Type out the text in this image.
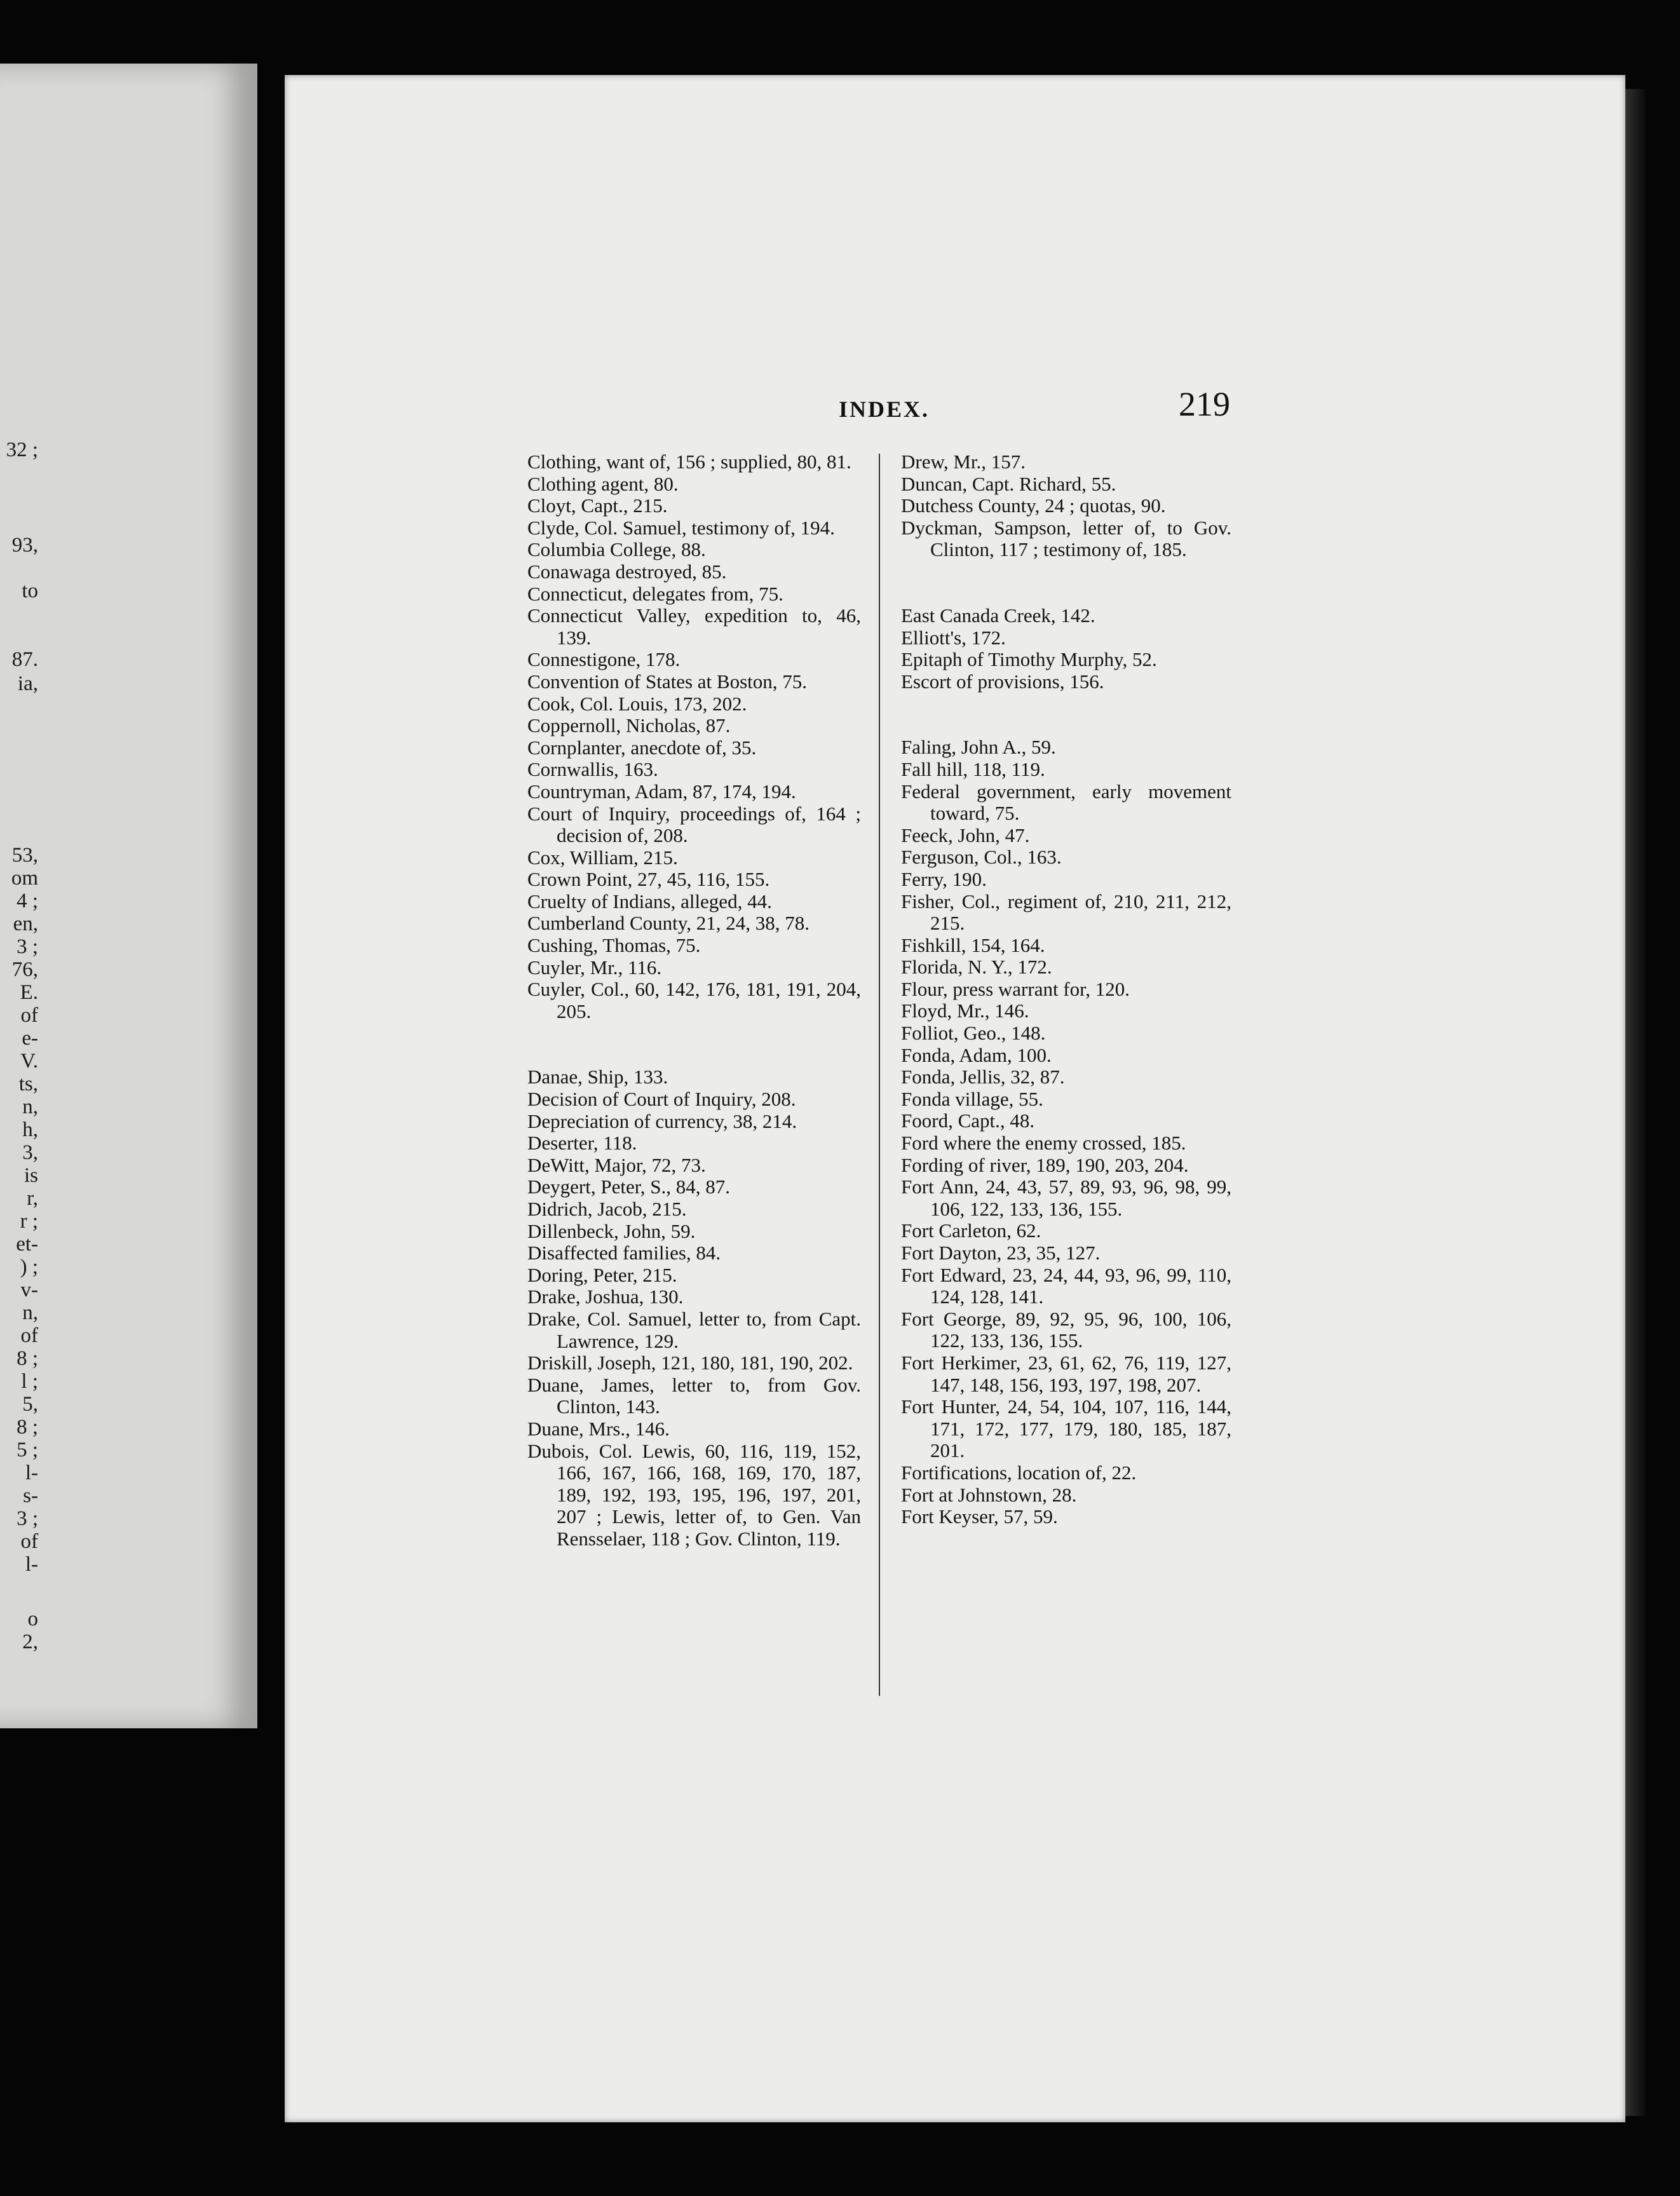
32 ;
93,
to
87.
ia,
53,
om
4 ;
en,
3 ;
76,
E.
of
e-
V.
ts,
n,
h,
3,
is
r,
r ;
et-
) ;
v-
n,
of
8 ;
l ;
5,
8 ;
5 ;
l-
s-
3 ;
of
l-
o
2,
INDEX.	219
Clothing, want of, 156 ; supplied, 80, 81.
Clothing agent, 80.
Cloyt, Capt., 215.
Clyde, Col. Samuel, testimony of, 194.
Columbia College, 88.
Conawaga destroyed, 85.
Connecticut, delegates from, 75.
Connecticut Valley, expedition to, 46, 139.
Connestigone, 178.
Convention of States at Boston, 75.
Cook, Col. Louis, 173, 202.
Coppernoll, Nicholas, 87.
Cornplanter, anecdote of, 35.
Cornwallis, 163.
Countryman, Adam, 87, 174, 194.
Court of Inquiry, proceedings of, 164 ; decision of, 208.
Cox, William, 215.
Crown Point, 27, 45, 116, 155.
Cruelty of Indians, alleged, 44.
Cumberland County, 21, 24, 38, 78.
Cushing, Thomas, 75.
Cuyler, Mr., 116.
Cuyler, Col., 60, 142, 176, 181, 191, 204, 205.
Danae, Ship, 133.
Decision of Court of Inquiry, 208.
Depreciation of currency, 38, 214.
Deserter, 118.
DeWitt, Major, 72, 73.
Deygert, Peter, S., 84, 87.
Didrich, Jacob, 215.
Dillenbeck, John, 59.
Disaffected families, 84.
Doring, Peter, 215.
Drake, Joshua, 130.
Drake, Col. Samuel, letter to, from Capt. Lawrence, 129.
Driskill, Joseph, 121, 180, 181, 190, 202.
Duane, James, letter to, from Gov. Clinton, 143.
Duane, Mrs., 146.
Dubois, Col. Lewis, 60, 116, 119, 152, 166, 167, 166, 168, 169, 170, 187, 189, 192, 193, 195, 196, 197, 201, 207 ; Lewis, letter of, to Gen. Van Rensselaer, 118 ; Gov. Clinton, 119.
Drew, Mr., 157.
Duncan, Capt. Richard, 55.
Dutchess County, 24 ; quotas, 90.
Dyckman, Sampson, letter of, to Gov. Clinton, 117 ; testimony of, 185.
East Canada Creek, 142.
Elliott's, 172.
Epitaph of Timothy Murphy, 52.
Escort of provisions, 156.
Faling, John A., 59.
Fall hill, 118, 119.
Federal government, early movement toward, 75.
Feeck, John, 47.
Ferguson, Col., 163.
Ferry, 190.
Fisher, Col., regiment of, 210, 211, 212, 215.
Fishkill, 154, 164.
Florida, N. Y., 172.
Flour, press warrant for, 120.
Floyd, Mr., 146.
Folliot, Geo., 148.
Fonda, Adam, 100.
Fonda, Jellis, 32, 87.
Fonda village, 55.
Foord, Capt., 48.
Ford where the enemy crossed, 185.
Fording of river, 189, 190, 203, 204.
Fort Ann, 24, 43, 57, 89, 93, 96, 98, 99, 106, 122, 133, 136, 155.
Fort Carleton, 62.
Fort Dayton, 23, 35, 127.
Fort Edward, 23, 24, 44, 93, 96, 99, 110, 124, 128, 141.
Fort George, 89, 92, 95, 96, 100, 106, 122, 133, 136, 155.
Fort Herkimer, 23, 61, 62, 76, 119, 127, 147, 148, 156, 193, 197, 198, 207.
Fort Hunter, 24, 54, 104, 107, 116, 144, 171, 172, 177, 179, 180, 185, 187, 201.
Fortifications, location of, 22.
Fort at Johnstown, 28.
Fort Keyser, 57, 59.
